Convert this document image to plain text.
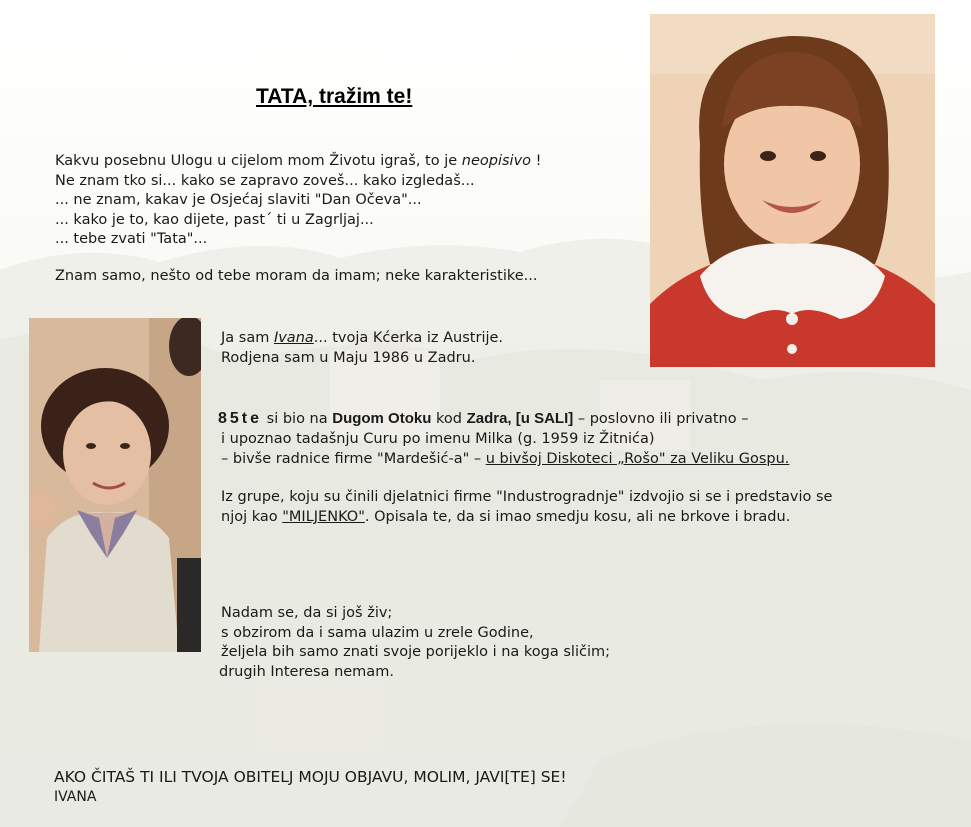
TATA, tražim te!
Kakvu posebnu Ulogu u cijelom mom Životu igraš, to je neopisivo !
Ne znam tko si... kako se zapravo zoveš... kako izgledaš...
... ne znam, kakav je Osjećaj slaviti "Dan Očeva"...
... kako je to, kao dijete, past´ ti u Zagrljaj...
... tebe zvati "Tata"...
Znam samo, nešto od tebe moram da imam; neke karakteristike...
Ja sam Ivana... tvoja Kćerka iz Austrije.
Rodjena sam u Maju 1986 u Zadru.
85te si bio na Dugom Otoku kod Zadra, [u SALI] – poslovno ili privatno –
i upoznao tadašnju Curu po imenu Milka (g. 1959 iz Žitnića)
– bivše radnice firme "Mardešić-a" – u bivšoj Diskoteci „Rošo" za Veliku Gospu.
Iz grupe, koju su činili djelatnici firme "Industrogradnje" izdvojio si se i predstavio se
njoj kao "MILJENKO". Opisala te, da si imao smedju kosu, ali ne brkove i bradu.
Nadam se, da si još živ;
s obzirom da i sama ulazim u zrele Godine,
željela bih samo znati svoje porijeklo i na koga sličim;
drugih Interesa nemam.
AKO ČITAŠ TI ILI TVOJA OBITELJ MOJU OBJAVU, MOLIM, JAVI[TE] SE!
IVANA
